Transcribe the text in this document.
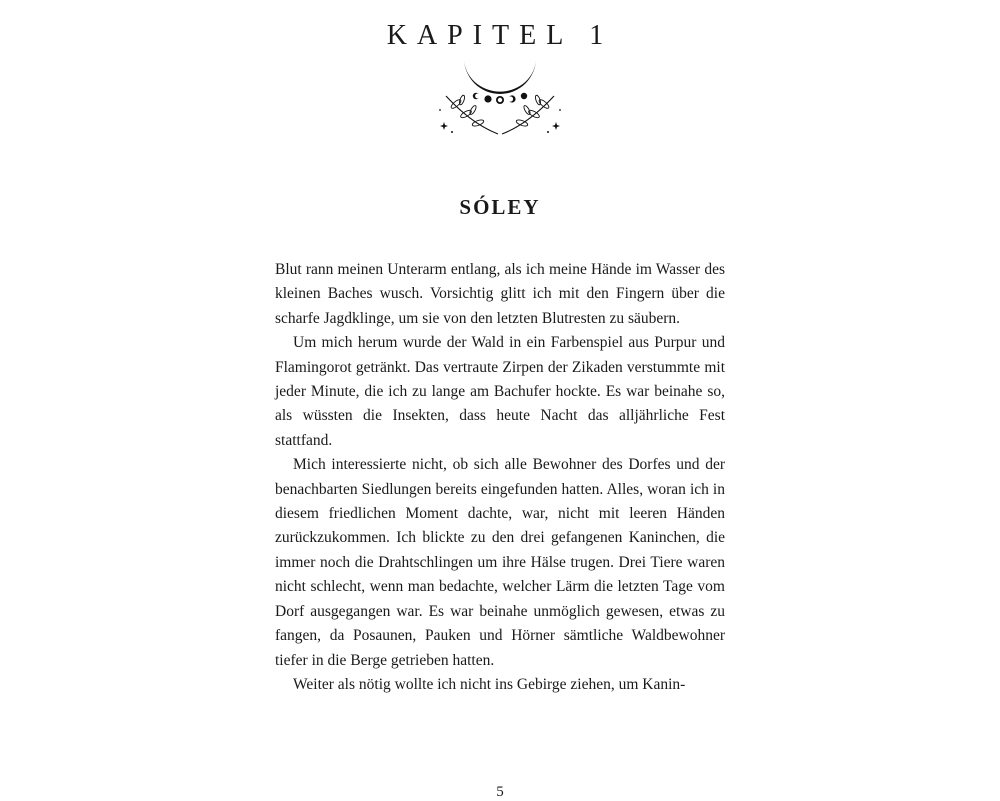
KAPITEL 1
SÓLEY

Blut rann meinen Unterarm entlang, als ich meine Hände im Wasser des kleinen Baches wusch. Vorsichtig glitt ich mit den Fingern über die scharfe Jagdklinge, um sie von den letzten Blutresten zu säubern.

Um mich herum wurde der Wald in ein Farbenspiel aus Purpur und Flamingorot getränkt. Das vertraute Zirpen der Zikaden verstummte mit jeder Minute, die ich zu lange am Bachufer hockte. Es war beinahe so, als wüssten die Insekten, dass heute Nacht das alljährliche Fest stattfand.

Mich interessierte nicht, ob sich alle Bewohner des Dorfes und der benachbarten Siedlungen bereits eingefunden hatten. Alles, woran ich in diesem friedlichen Moment dachte, war, nicht mit leeren Händen zurückzukommen. Ich blickte zu den drei gefangenen Kaninchen, die immer noch die Drahtschlingen um ihre Hälse trugen. Drei Tiere waren nicht schlecht, wenn man bedachte, welcher Lärm die letzten Tage vom Dorf ausgegangen war. Es war beinahe unmöglich gewesen, etwas zu fangen, da Posaunen, Pauken und Hörner sämtliche Waldbewohner tiefer in die Berge getrieben hatten.

Weiter als nötig wollte ich nicht ins Gebirge ziehen, um Kanin-

5
